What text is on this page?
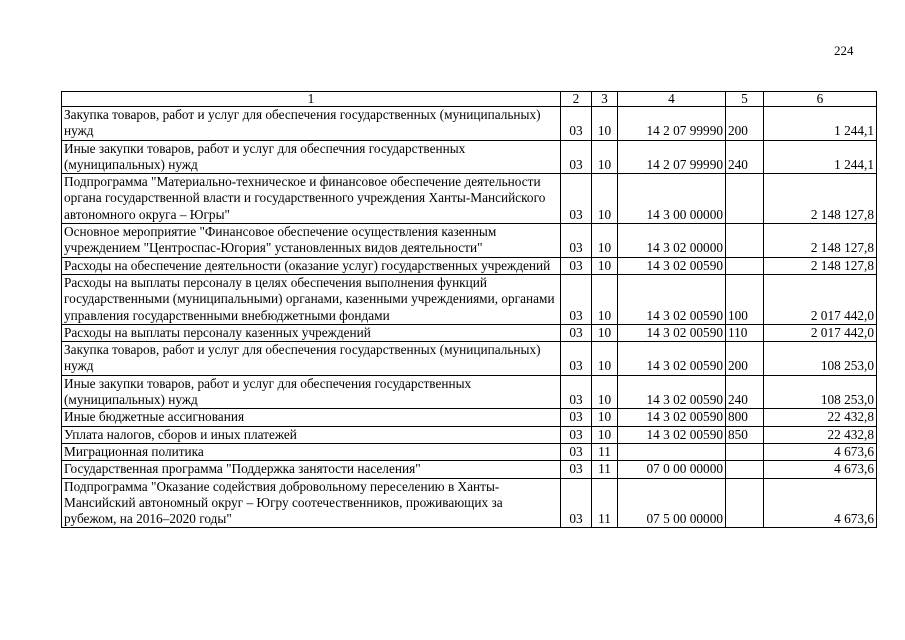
224
1	2	3	4	5	6
Закупка товаров, работ и услуг для обеспечения государственных (муниципальных) нужд	03	10	14 2 07 99990	200	1 244,1
Иные закупки товаров, работ и услуг для обеспечния государственных (муниципальных) нужд	03	10	14 2 07 99990	240	1 244,1
Подпрограмма "Материально-техническое и финансовое обеспечение деятельности органа государственной власти и государственного учреждения Ханты-Мансийского автономного округа – Югры"	03	10	14 3 00 00000		2 148 127,8
Основное мероприятие "Финансовое обеспечение осуществления казенным учреждением "Центроспас-Югория" установленных видов деятельности"	03	10	14 3 02 00000		2 148 127,8
Расходы на обеспечение деятельности (оказание услуг) государственных учреждений	03	10	14 3 02 00590		2 148 127,8
Расходы на выплаты персоналу в целях обеспечения выполнения функций государственными (муниципальными) органами, казенными учреждениями, органами управления государственными внебюджетными фондами	03	10	14 3 02 00590	100	2 017 442,0
Расходы на выплаты персоналу казенных учреждений	03	10	14 3 02 00590	110	2 017 442,0
Закупка товаров, работ и услуг для обеспечения государственных (муниципальных) нужд	03	10	14 3 02 00590	200	108 253,0
Иные закупки товаров, работ и услуг для обеспечения государственных (муниципальных) нужд	03	10	14 3 02 00590	240	108 253,0
Иные бюджетные ассигнования	03	10	14 3 02 00590	800	22 432,8
Уплата налогов, сборов и иных платежей	03	10	14 3 02 00590	850	22 432,8
Миграционная политика	03	11			4 673,6
Государственная программа "Поддержка занятости населения"	03	11	07 0 00 00000		4 673,6
Подпрограмма "Оказание содействия добровольному переселению в Ханты-Мансийский автономный округ – Югру соотечественников, проживающих за рубежом, на 2016–2020 годы"	03	11	07 5 00 00000		4 673,6
